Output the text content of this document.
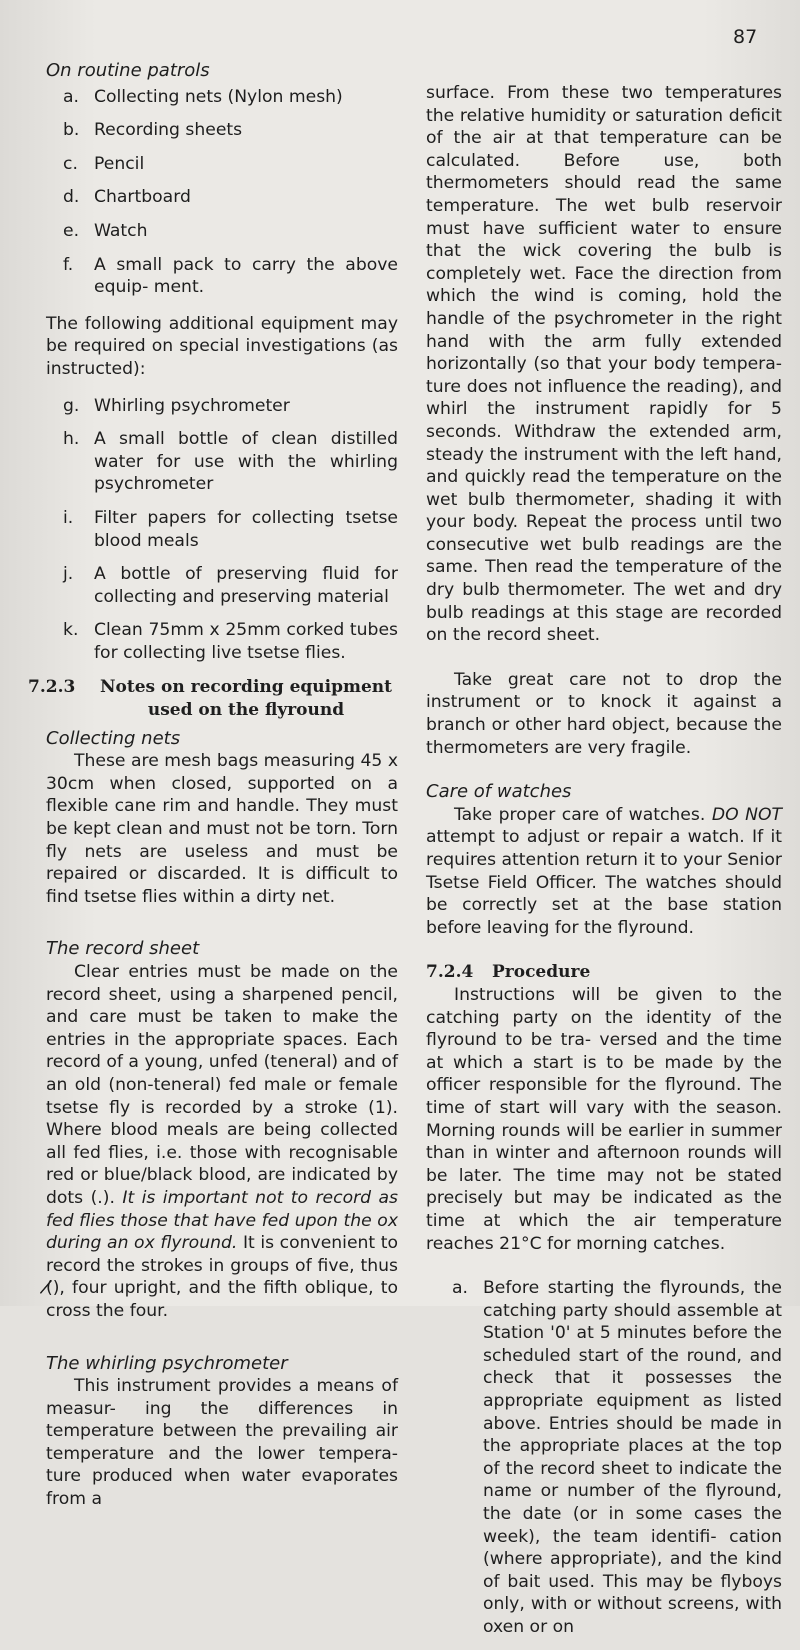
87

On routine patrols

a. Collecting nets (Nylon mesh)
b. Recording sheets
c. Pencil
d. Chartboard
e. Watch
f.	A small pack to carry the above equip- ment.

The following additional equipment may be required on special investigations (as instructed):

g. Whirling psychrometer
h. A small bottle of clean distilled water for use with the whirling psychrometer
i.	Filter papers for collecting tsetse blood meals
j.	A bottle of preserving fluid for collecting and preserving material
k. Clean 75mm x 25mm corked tubes for collecting live tsetse flies.
7.2.3	Notes on recording equipment used on the flyround

Collecting nets

These are mesh bags measuring 45 x 30cm when closed, supported on a flexible cane rim and handle. They must be kept clean and must not be torn. Torn fly nets are useless and must be repaired or discarded. It is difficult to find tsetse flies within a dirty net.

The record sheet

Clear entries must be made on the record sheet, using a sharpened pencil, and care must be taken to make the entries in the appropriate spaces. Each record of a young, unfed (teneral) and of an old (non-teneral) fed male or female tsetse fly is recorded by a stroke (1). Where blood meals are being collected all fed flies, i.e. those with recognisable red or blue/black blood, are indicated by dots (.). It is important not to record as fed flies those that have fed upon the ox during an ox flyround. It is convenient to record the strokes in groups of five, thus (̸̸̸̸), four upright, and the fifth oblique, to cross the four.

The whirling psychrometer

This instrument provides a means of measur- ing the differences in temperature between the prevailing air temperature and the lower tempera- ture produced when water evaporates from a

surface. From these two temperatures the relative humidity or saturation deficit of the air at that temperature can be calculated. Before use, both thermometers should read the same temperature. The wet bulb reservoir must have sufficient water to ensure that the wick covering the bulb is completely wet. Face the direction from which the wind is coming, hold the handle of the psychrometer in the right hand with the arm fully extended horizontally (so that your body tempera- ture does not influence the reading), and whirl the instrument rapidly for 5 seconds. Withdraw the extended arm, steady the instrument with the left hand, and quickly read the temperature on the wet bulb thermometer, shading it with your body. Repeat the process until two consecutive wet bulb readings are the same. Then read the temperature of the dry bulb thermometer. The wet and dry bulb readings at this stage are recorded on the record sheet.

Take great care not to drop the instrument or to knock it against a branch or other hard object, because the thermometers are very fragile.

Care of watches

Take proper care of watches. DO NOT attempt to adjust or repair a watch. If it requires attention return it to your Senior Tsetse Field Officer. The watches should be correctly set at the base station before leaving for the flyround.

7.2.4	Procedure

Instructions will be given to the catching party on the identity of the flyround to be tra- versed and the time at which a start is to be made by the officer responsible for the flyround. The time of start will vary with the season. Morning rounds will be earlier in summer than in winter and afternoon rounds will be later. The time may not be stated precisely but may be indicated as the time at which the air temperature reaches 21°C for morning catches.

a. Before starting the flyrounds, the catching party should assemble at Station '0' at 5 minutes before the scheduled start of the round, and check that it possesses the appropriate equipment as listed above. Entries should be made in the appropriate places at the top of the record sheet to indicate the name or number of the flyround, the date (or in some cases the week), the team identifi- cation (where appropriate), and the kind of bait used. This may be flyboys only, with or without screens, with oxen or on
